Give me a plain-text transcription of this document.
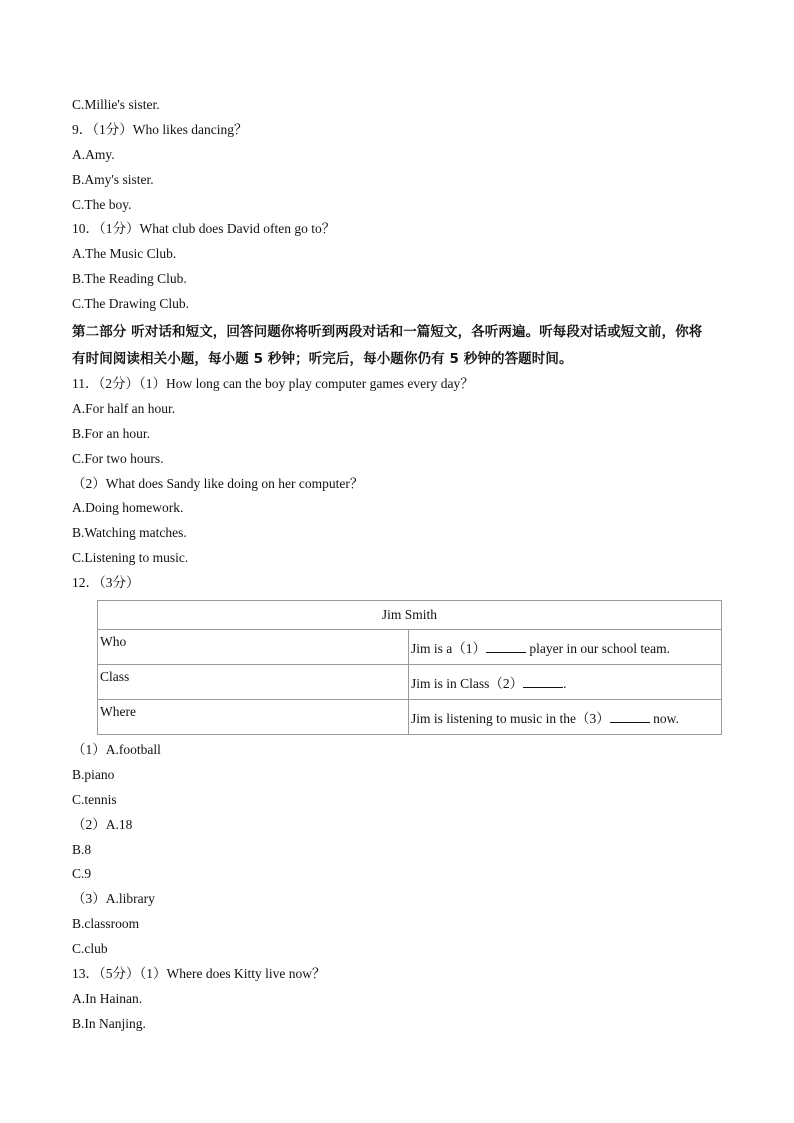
C.Millie's sister.
9．（1分）Who likes dancing？
A.Amy.
B.Amy's sister.
C.The boy.
10．（1分）What club does David often go to？
A.The Music Club.
B.The Reading Club.
C.The Drawing Club.
第二部分 听对话和短文，回答问题你将听到两段对话和一篇短文，各听两遍。听每段对话或短文前，你将
有时间阅读相关小题，每小题 5 秒钟；听完后，每小题你仍有 5 秒钟的答题时间。
11．（2分）（1）How long can the boy play computer games every day？
A.For half an hour.
B.For an hour.
C.For two hours.
（2）What does Sandy like doing on her computer？
A.Doing homework.
B.Watching matches.
C.Listening to music.
12．（3分）
Jim Smith	
Who	Jim is a（1） player in our school team.
Class	Jim is in Class（2） .
Where	Jim is listening to music in the（3） now.
（1）A.football
B.piano
C.tennis
（2）A.18
B.8
C.9
（3）A.library
B.classroom
C.club
13．（5分）（1）Where does Kitty live now？
A.In Hainan.
B.In Nanjing.
